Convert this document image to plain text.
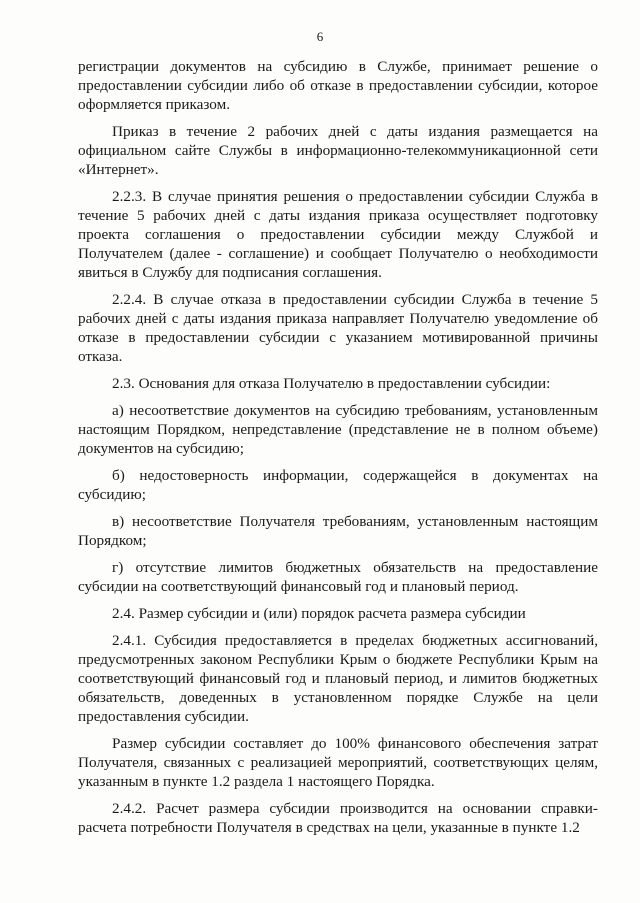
6

регистрации документов на субсидию в Службе, принимает решение о предоставлении субсидии либо об отказе в предоставлении субсидии, которое оформляется приказом.

Приказ в течение 2 рабочих дней с даты издания размещается на официальном сайте Службы в информационно-телекоммуникационной сети «Интернет».

2.2.3. В случае принятия решения о предоставлении субсидии Служба в течение 5 рабочих дней с даты издания приказа осуществляет подготовку проекта соглашения о предоставлении субсидии между Службой и Получателем (далее - соглашение) и сообщает Получателю о необходимости явиться в Службу для подписания соглашения.

2.2.4. В случае отказа в предоставлении субсидии Служба в течение 5 рабочих дней с даты издания приказа направляет Получателю уведомление об отказе в предоставлении субсидии с указанием мотивированной причины отказа.

2.3. Основания для отказа Получателю в предоставлении субсидии:

а) несоответствие документов на субсидию требованиям, установленным настоящим Порядком, непредставление (представление не в полном объеме) документов на субсидию;

б) недостоверность информации, содержащейся в документах на субсидию;

в) несоответствие Получателя требованиям, установленным настоящим Порядком;

г) отсутствие лимитов бюджетных обязательств на предоставление субсидии на соответствующий финансовый год и плановый период.

2.4. Размер субсидии и (или) порядок расчета размера субсидии

2.4.1. Субсидия предоставляется в пределах бюджетных ассигнований, предусмотренных законом Республики Крым о бюджете Республики Крым на соответствующий финансовый год и плановый период, и лимитов бюджетных обязательств, доведенных в установленном порядке Службе на цели предоставления субсидии.

Размер субсидии составляет до 100% финансового обеспечения затрат Получателя, связанных с реализацией мероприятий, соответствующих целям, указанным в пункте 1.2 раздела 1 настоящего Порядка.

2.4.2. Расчет размера субсидии производится на основании справки-расчета потребности Получателя в средствах на цели, указанные в пункте 1.2
